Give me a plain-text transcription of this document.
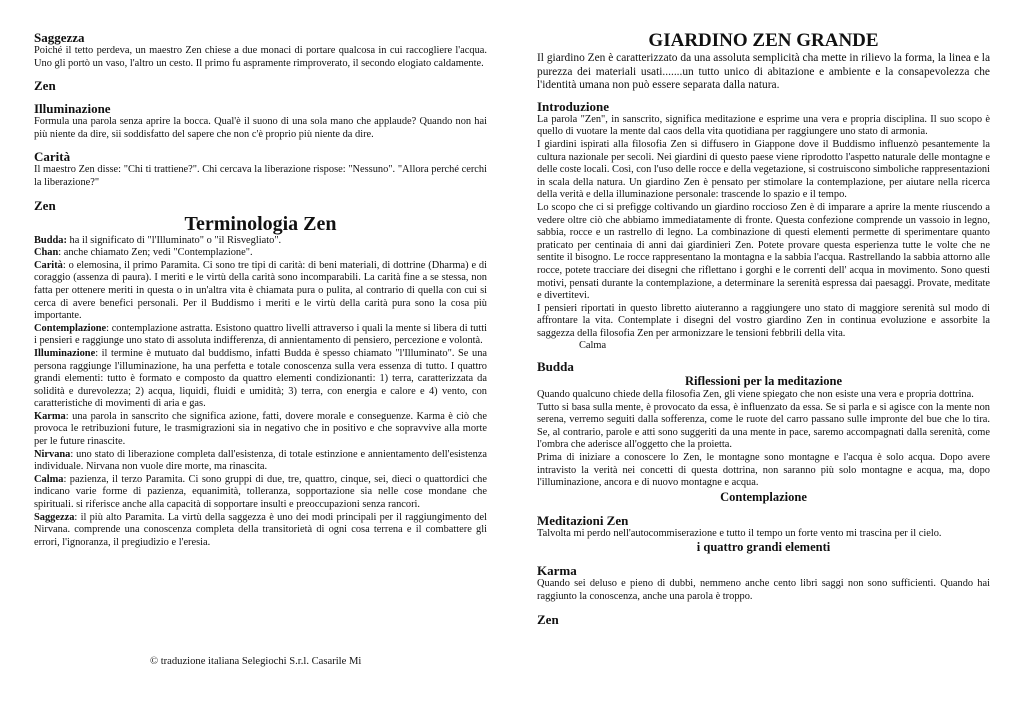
Saggezza

Poiché il tetto perdeva, un maestro Zen chiese a due monaci di portare qualcosa in cui raccogliere l'acqua. Uno gli portò un vaso, l'altro un cesto. Il primo fu aspramente rimproverato, il secondo elogiato caldamente.

Zen
Illuminazione

Formula una parola senza aprire la bocca. Qual'è il suono di una sola mano che applaude? Quando non hai più niente da dire, sii soddisfatto del sapere che non c'è proprio più niente da dire.

Carità

Il maestro Zen disse: "Chi ti trattiene?". Chi cercava la liberazione rispose: "Nessuno". "Allora perché cerchi la liberazione?"

Zen
Terminologia Zen

Budda: ha il significato di "l'Illuminato" o "il Risvegliato".

Chan: anche chiamato Zen; vedi "Contemplazione".

Carità: o elemosina, il primo Paramita. Ci sono tre tipi di carità: di beni materiali, di dottrine (Dharma) e di coraggio (assenza di paura). I meriti e le virtù della carità sono incomparabili. La carità fine a se stessa, non fatta per ottenere meriti in questa o in un'altra vita è chiamata pura o pulita, al contrario di quella con cui si cerca di avere benefici personali. Per il Buddismo i meriti e le virtù della carità pura sono la cosa più importante.

Contemplazione: contemplazione astratta. Esistono quattro livelli attraverso i quali la mente si libera di tutti i pensieri e raggiunge uno stato di assoluta indifferenza, di annientamento di pensiero, percezione e volontà.

Illuminazione: il termine è mutuato dal buddismo, infatti Budda è spesso chiamato "l'Illuminato". Se una persona raggiunge l'illuminazione, ha una perfetta e totale conoscenza sulla vera essenza di tutto. I quattro grandi elementi: tutto è formato e composto da quattro elementi condizionanti: 1) terra, caratterizzata da solidità e durevolezza; 2) acqua, liquidi, fluidi e umidità; 3) terra, con energia e calore e 4) vento, con caratteristiche di movimenti di aria e gas.

Karma: una parola in sanscrito che significa azione, fatti, dovere morale e conseguenze. Karma è ciò che provoca le retribuzioni future, le trasmigrazioni sia in negativo che in positivo e che sopravvive alla morte per le future rinascite.

Nirvana: uno stato di liberazione completa dall'esistenza, di totale estinzione e annientamento dell'esistenza individuale. Nirvana non vuole dire morte, ma rinascita.

Calma: pazienza, il terzo Paramita. Ci sono gruppi di due, tre, quattro, cinque, sei, dieci o quattordici che indicano varie forme di pazienza, equanimità, tolleranza, sopportazione sia nelle cose mondane che spirituali. si riferisce anche alla capacità di sopportare insulti e preoccupazioni senza rancori.

Saggezza: il più alto Paramita. La virtù della saggezza è uno dei modi principali per il raggiungimento del Nirvana. comprende una conoscenza completa della transitorietà di ogni cosa terrena e il combattere gli errori, l'ignoranza, il pregiudizio e l'eresia.

GIARDINO ZEN GRANDE

Il giardino Zen è caratterizzato da una assoluta semplicità cha mette in rilievo la forma, la linea e la purezza dei materiali usati.......un tutto unico di abitazione e ambiente e la consapevolezza che l'identità umana non può essere separata dalla natura.

Introduzione

La parola "Zen", in sanscrito, significa meditazione e esprime una vera e propria disciplina. Il suo scopo è quello di vuotare la mente dal caos della vita quotidiana per raggiungere uno stato di armonia.

I giardini ispirati alla filosofia Zen si diffusero in Giappone dove il Buddismo influenzò pesantemente la cultura nazionale per secoli. Nei giardini di questo paese viene riprodotto l'aspetto naturale delle montagne e delle coste locali. Così, con l'uso delle rocce e della vegetazione, si costruiscono simboliche rappresentazioni in scala della natura. Un giardino Zen è pensato per stimolare la contemplazione, per aiutare nella ricerca della verità e della illuminazione personale: trascende lo spazio e il tempo.

Lo scopo che ci si prefigge coltivando un giardino roccioso Zen è di imparare a aprire la mente riuscendo a vedere oltre ciò che abbiamo immediatamente di fronte. Questa confezione comprende un vassoio in legno, sabbia, rocce e un rastrello di legno. La combinazione di questi elementi permette di sperimentare quanto praticato per centinaia di anni dai giardinieri Zen. Potete provare questa esperienza tutte le volte che ne sentite il bisogno. Le rocce rappresentano la montagna e la sabbia l'acqua. Rastrellando la sabbia attorno alle rocce, potete tracciare dei disegni che riflettano i gorghi e le correnti dell' acqua in movimento. Sono questi motivi, pensati durante la contemplazione, a determinare la serenità espressa dai paesaggi. Provate, meditate e divertitevi.

I pensieri riportati in questo libretto aiuteranno a raggiungere uno stato di maggiore serenità sul modo di affrontare la vita. Contemplate i disegni del vostro giardino Zen in continua evoluzione e assorbite la saggezza della filosofia Zen per armonizzare le tensioni febbrili della vita.

Calma

Budda
Riflessioni per la meditazione

Quando qualcuno chiede della filosofia Zen, gli viene spiegato che non esiste una vera e propria dottrina.

Tutto si basa sulla mente, è provocato da essa, è influenzato da essa. Se si parla e si agisce con la mente non serena, verremo seguiti dalla sofferenza, come le ruote del carro passano sulle impronte del bue che lo tira. Se, al contrario, parole e atti sono suggeriti da una mente in pace, saremo accompagnati dalla serenità, come l'ombra che aderisce all'oggetto che la proietta.

Prima di iniziare a conoscere lo Zen, le montagne sono montagne e l'acqua è solo acqua. Dopo avere intravisto la verità nei concetti di questa dottrina, non saranno più solo montagne e acqua, ma, dopo l'illuminazione, ancora e di nuovo montagne e acqua.

Contemplazione
Meditazioni Zen

Talvolta mi perdo nell'autocommiserazione e tutto il tempo un forte vento mi trascina per il cielo.

i quattro grandi elementi
Karma

Quando sei deluso e pieno di dubbi, nemmeno anche cento libri saggi non sono sufficienti. Quando hai raggiunto la conoscenza, anche una parola è troppo.

Zen
© traduzione italiana Selegiochi S.r.l. Casarile Mi
